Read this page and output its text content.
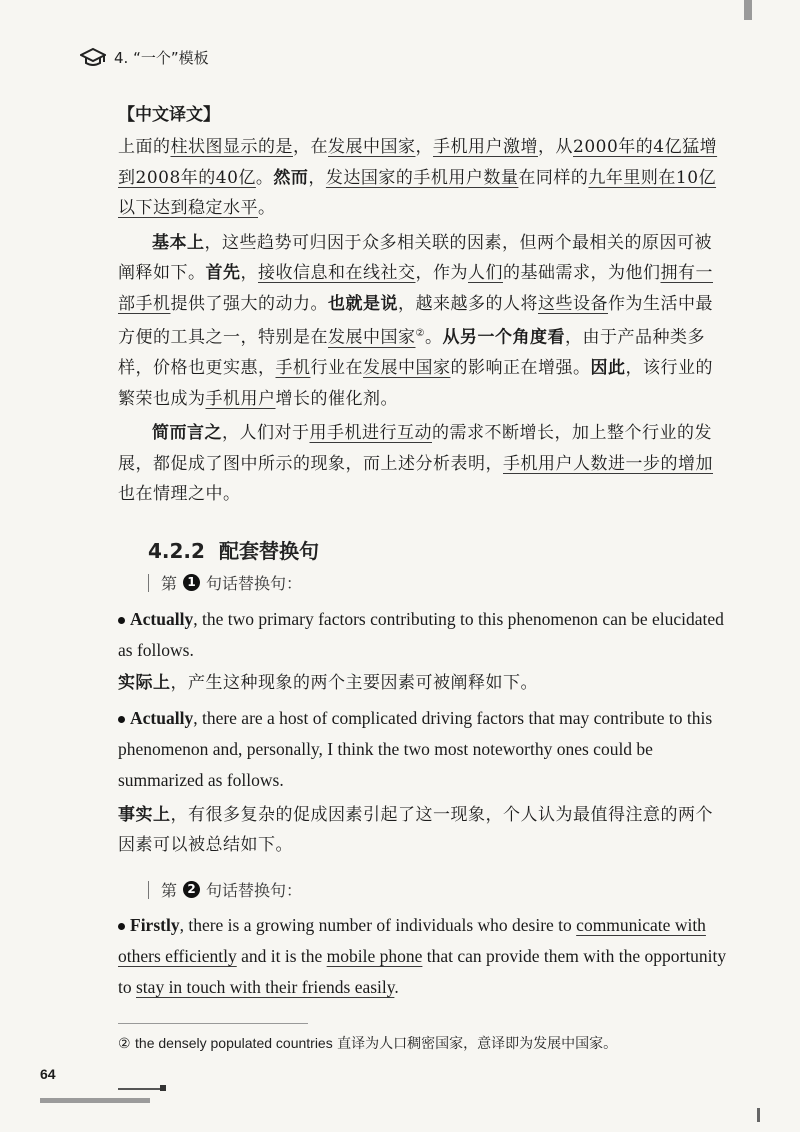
4. “一个”模板

【中文译文】

上面的柱状图显示的是，在发展中国家，手机用户激增，从2000年的4亿猛增到2008年的40亿。然而，发达国家的手机用户数量在同样的九年里则在10亿以下达到稳定水平。

基本上，这些趋势可归因于众多相关联的因素，但两个最相关的原因可被阐释如下。首先，接收信息和在线社交，作为人们的基础需求，为他们拥有一部手机提供了强大的动力。也就是说，越来越多的人将这些设备作为生活中最方便的工具之一，特别是在发展中国家②。从另一个角度看，由于产品种类多样，价格也更实惠，手机行业在发展中国家的影响正在增强。因此，该行业的繁荣也成为手机用户增长的催化剂。

简而言之，人们对于用手机进行互动的需求不断增长，加上整个行业的发展，都促成了图中所示的现象，而上述分析表明，手机用户人数进一步的增加也在情理之中。

4.2.2 配套替换句
第 1 句话替换句：

Actually, the two primary factors contributing to this phenomenon can be elucidated as follows.

实际上，产生这种现象的两个主要因素可被阐释如下。

Actually, there are a host of complicated driving factors that may contribute to this phenomenon and, personally, I think the two most noteworthy ones could be summarized as follows.

事实上，有很多复杂的促成因素引起了这一现象，个人认为最值得注意的两个因素可以被总结如下。

第 2 句话替换句：

Firstly, there is a growing number of individuals who desire to communicate with others efficiently and it is the mobile phone that can provide them with the opportunity to stay in touch with their friends easily.

② the densely populated countries 直译为人口稠密国家，意译即为发展中国家。
64
